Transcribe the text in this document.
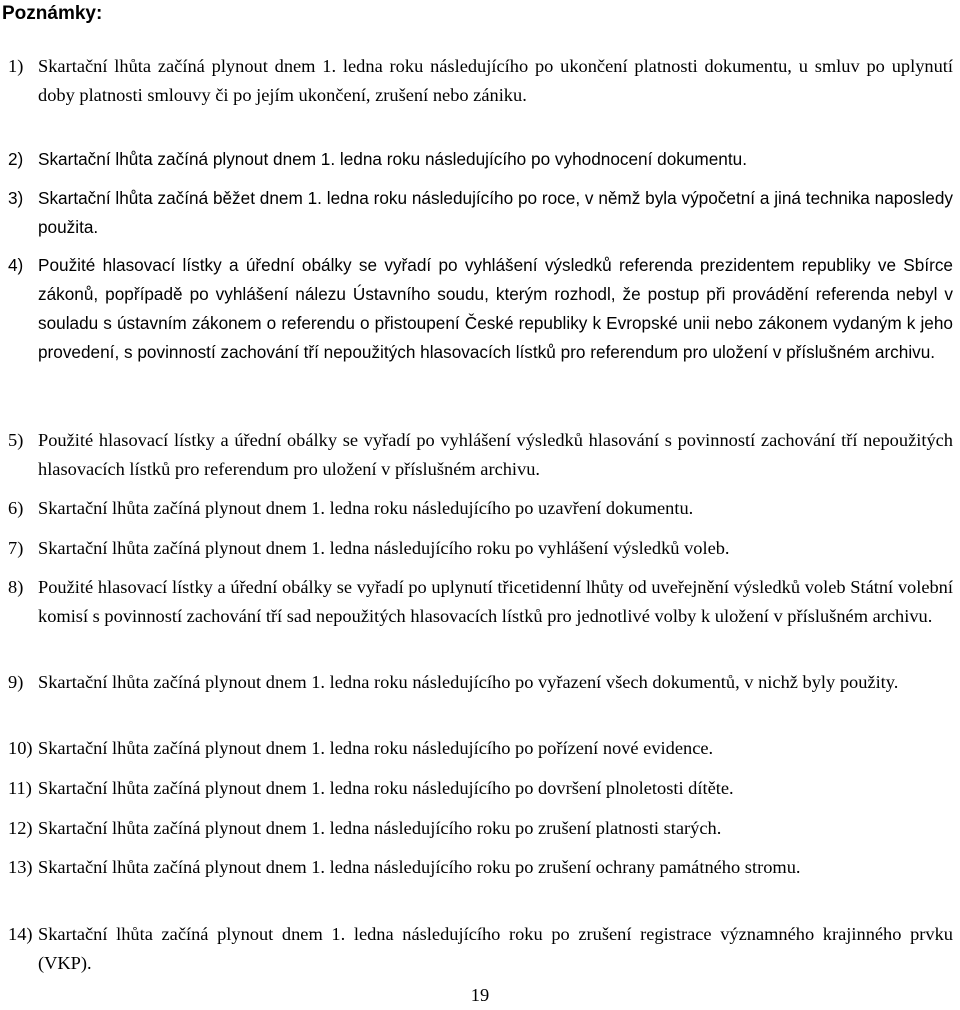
Poznámky:
1) Skartační lhůta začíná plynout dnem 1. ledna roku následujícího po ukončení platnosti dokumentu, u smluv po uplynutí doby platnosti smlouvy či po jejím ukončení, zrušení nebo zániku.
2) Skartační lhůta začíná plynout dnem 1. ledna roku následujícího po vyhodnocení dokumentu.
3) Skartační lhůta začíná běžet dnem 1. ledna roku následujícího po roce, v němž byla výpočetní a jiná technika naposledy použita.
4) Použité hlasovací lístky a úřední obálky se vyřadí po vyhlášení výsledků referenda prezidentem republiky ve Sbírce zákonů, popřípadě po vyhlášení nálezu Ústavního soudu, kterým rozhodl, že postup při provádění referenda nebyl v souladu s ústavním zákonem o referendu o přistoupení České republiky k Evropské unii nebo zákonem vydaným k jeho provedení, s povinností zachování tří nepoužitých hlasovacích lístků pro referendum pro uložení v příslušném archivu.
5) Použité hlasovací lístky a úřední obálky se vyřadí po vyhlášení výsledků hlasování s povinností zachování tří nepoužitých hlasovacích lístků pro referendum pro uložení v příslušném archivu.
6) Skartační lhůta začíná plynout dnem 1. ledna roku následujícího po uzavření dokumentu.
7) Skartační lhůta začíná plynout dnem 1. ledna následujícího roku po vyhlášení výsledků voleb.
8) Použité hlasovací lístky a úřední obálky se vyřadí po uplynutí třicetidenní lhůty od uveřejnění výsledků voleb Státní volební komisí s povinností zachování tří sad nepoužitých hlasovacích lístků pro jednotlivé volby k uložení v příslušném archivu.
9) Skartační lhůta začíná plynout dnem 1. ledna roku následujícího po vyřazení všech dokumentů, v nichž byly použity.
10) Skartační lhůta začíná plynout dnem 1. ledna roku následujícího po pořízení nové evidence.
11) Skartační lhůta začíná plynout dnem 1. ledna roku následujícího po dovršení plnoletosti dítěte.
12) Skartační lhůta začíná plynout dnem 1. ledna následujícího roku po zrušení platnosti starých.
13) Skartační lhůta začíná plynout dnem 1. ledna následujícího roku po zrušení ochrany památného stromu.
14) Skartační lhůta začíná plynout dnem 1. ledna následujícího roku po zrušení registrace významného krajinného prvku (VKP).
19
